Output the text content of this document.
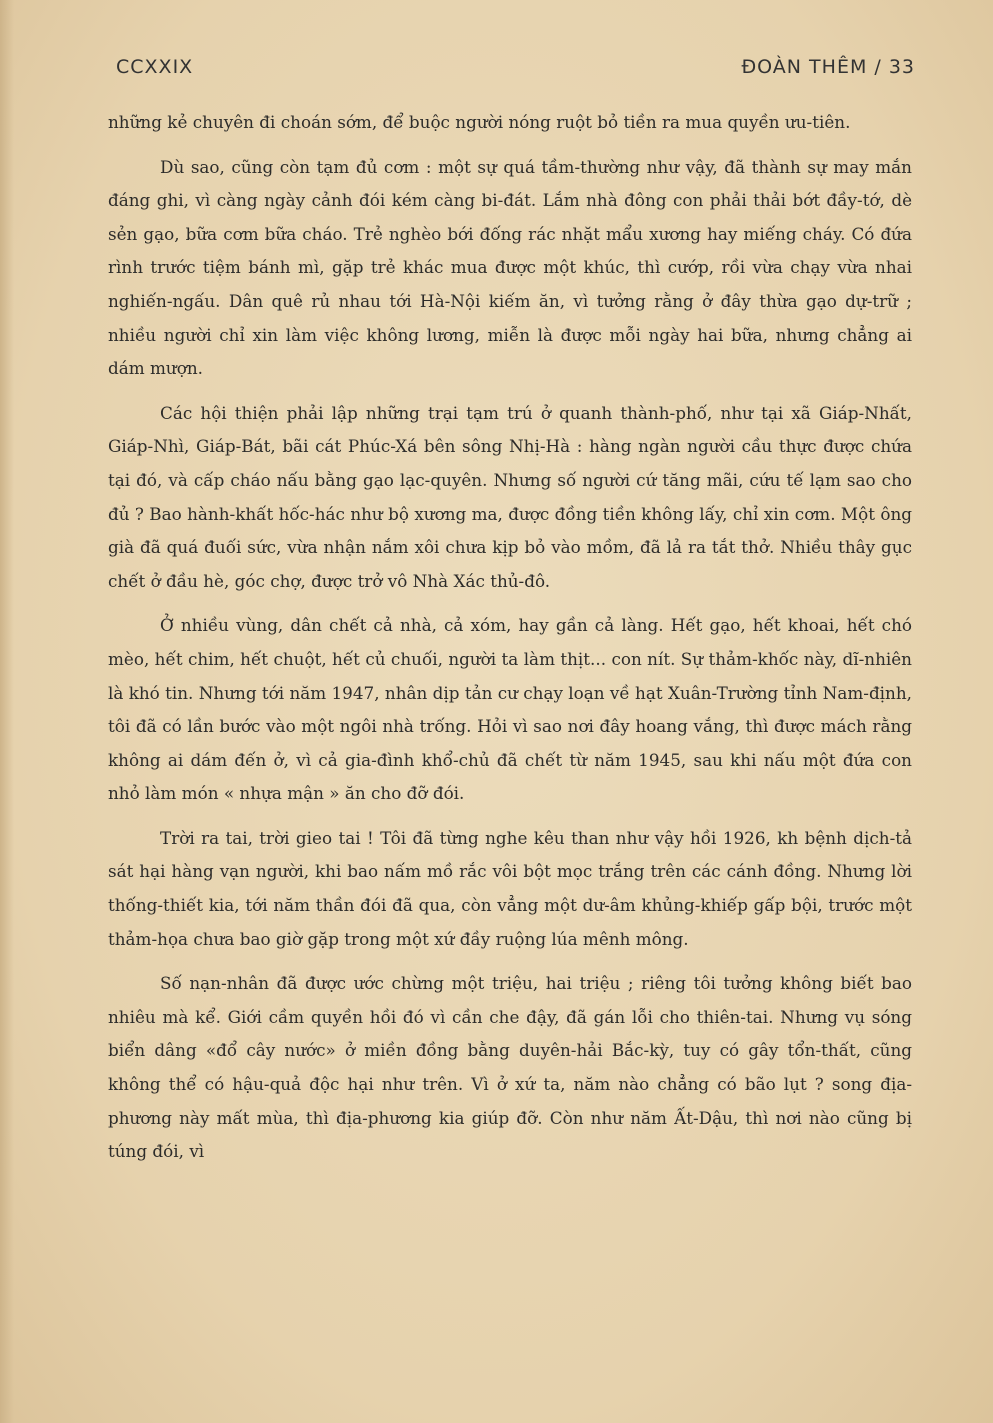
CCXXIX	ĐOÀN THÊM / 33

những kẻ chuyên đi choán sớm, để buộc người nóng ruột bỏ tiền ra mua quyền ưu-tiên.

Dù sao, cũng còn tạm đủ cơm : một sự quá tầm-thường như vậy, đã thành sự may mắn đáng ghi, vì càng ngày cảnh đói kém càng bi-đát. Lắm nhà đông con phải thải bớt đầy-tớ, dè sẻn gạo, bữa cơm bữa cháo. Trẻ nghèo bới đống rác nhặt mẩu xương hay miếng cháy. Có đứa rình trước tiệm bánh mì, gặp trẻ khác mua được một khúc, thì cướp, rồi vừa chạy vừa nhai nghiến-ngấu. Dân quê rủ nhau tới Hà-Nội kiếm ăn, vì tưởng rằng ở đây thừa gạo dự-trữ ; nhiều người chỉ xin làm việc không lương, miễn là được mỗi ngày hai bữa, nhưng chẳng ai dám mượn.

Các hội thiện phải lập những trại tạm trú ở quanh thành-phố, như tại xã Giáp-Nhất, Giáp-Nhì, Giáp-Bát, bãi cát Phúc-Xá bên sông Nhị-Hà : hàng ngàn người cầu thực được chứa tại đó, và cấp cháo nấu bằng gạo lạc-quyên. Nhưng số người cứ tăng mãi, cứu tế lạm sao cho đủ ? Bao hành-khất hốc-hác như bộ xương ma, được đồng tiền không lấy, chỉ xin cơm. Một ông già đã quá đuối sức, vừa nhận nắm xôi chưa kịp bỏ vào mồm, đã lả ra tắt thở. Nhiều thây gục chết ở đầu hè, góc chợ, được trở vô Nhà Xác thủ-đô.

Ở nhiều vùng, dân chết cả nhà, cả xóm, hay gần cả làng. Hết gạo, hết khoai, hết chó mèo, hết chim, hết chuột, hết củ chuối, người ta làm thịt... con nít. Sự thảm-khốc này, dĩ-nhiên là khó tin. Nhưng tới năm 1947, nhân dịp tản cư chạy loạn về hạt Xuân-Trường tỉnh Nam-định, tôi đã có lần bước vào một ngôi nhà trống. Hỏi vì sao nơi đây hoang vắng, thì được mách rằng không ai dám đến ở, vì cả gia-đình khổ-chủ đã chết từ năm 1945, sau khi nấu một đứa con nhỏ làm món « nhựa mận » ăn cho đỡ đói.

Trời ra tai, trời gieo tai ! Tôi đã từng nghe kêu than như vậy hồi 1926, kh bệnh dịch-tả sát hại hàng vạn người, khi bao nấm mồ rắc vôi bột mọc trắng trên các cánh đồng. Nhưng lời thống-thiết kia, tới năm thần đói đã qua, còn vẳng một dư-âm khủng-khiếp gấp bội, trước một thảm-họa chưa bao giờ gặp trong một xứ đầy ruộng lúa mênh mông.

Số nạn-nhân đã được ước chừng một triệu, hai triệu ; riêng tôi tưởng không biết bao nhiêu mà kể. Giới cầm quyền hồi đó vì cần che đậy, đã gán lỗi cho thiên-tai. Nhưng vụ sóng biển dâng «đổ cây nước» ở miền đồng bằng duyên-hải Bắc-kỳ, tuy có gây tổn-thất, cũng không thể có hậu-quả độc hại như trên. Vì ở xứ ta, năm nào chẳng có bão lụt ? song địa-phương này mất mùa, thì địa-phương kia giúp đỡ. Còn như năm Ất-Dậu, thì nơi nào cũng bị túng đói, vì
